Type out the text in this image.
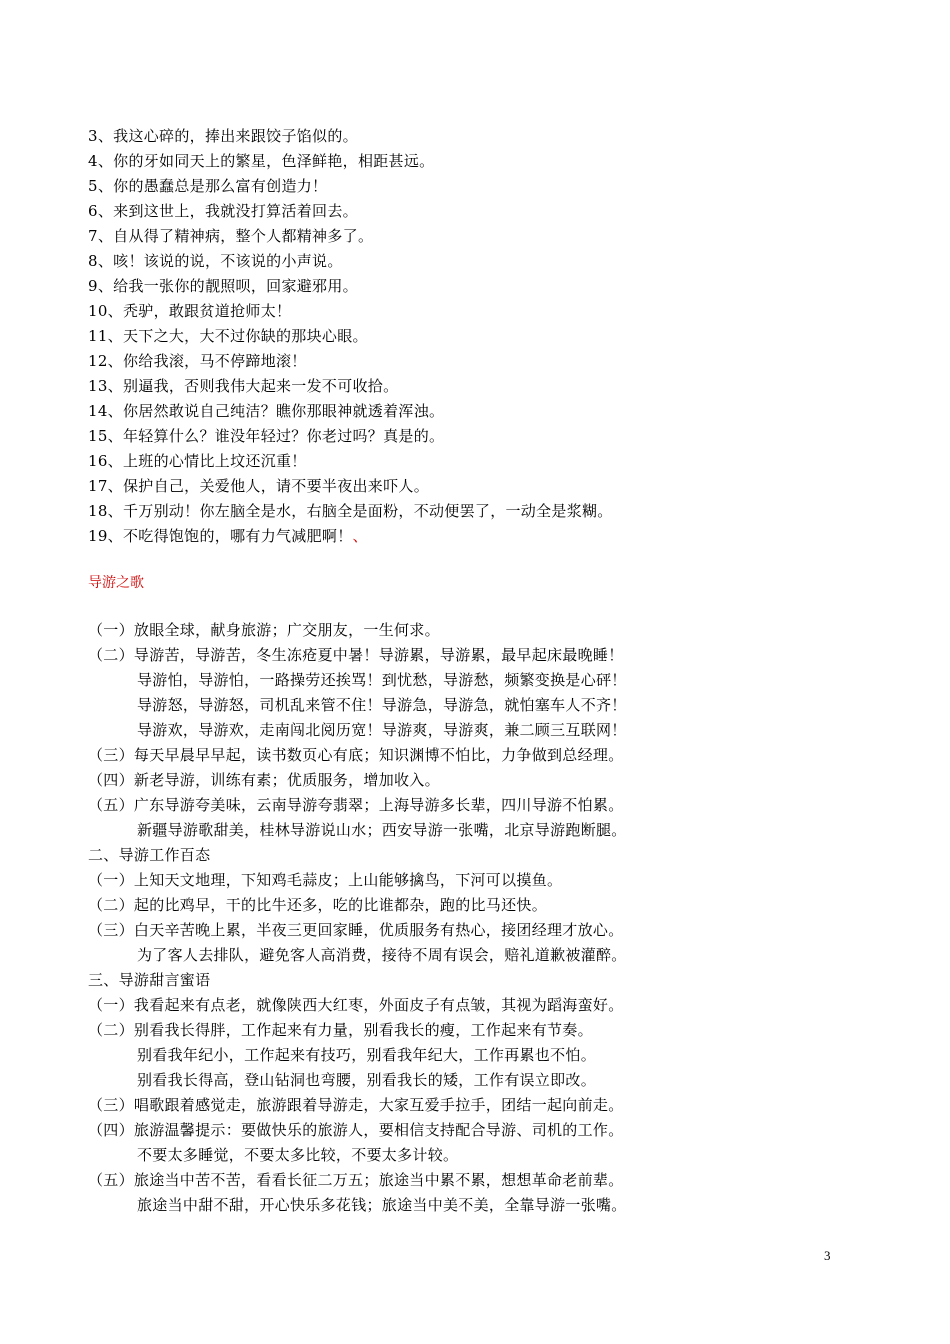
3、我这心碎的，捧出来跟饺子馅似的。
4、你的牙如同天上的繁星，色泽鲜艳，相距甚远。
5、你的愚蠢总是那么富有创造力！
6、来到这世上，我就没打算活着回去。
7、自从得了精神病，整个人都精神多了。
8、咳！该说的说，不该说的小声说。
9、给我一张你的靓照呗，回家避邪用。
10、秃驴，敢跟贫道抢师太！
11、天下之大，大不过你缺的那块心眼。
12、你给我滚，马不停蹄地滚！
13、别逼我，否则我伟大起来一发不可收拾。
14、你居然敢说自己纯洁？瞧你那眼神就透着浑浊。
15、年轻算什么？谁没年轻过？你老过吗？真是的。
16、上班的心情比上坟还沉重！
17、保护自己，关爱他人，请不要半夜出来吓人。
18、千万别动！你左脑全是水，右脑全是面粉，不动便罢了，一动全是浆糊。
19、不吃得饱饱的，哪有力气减肥啊！、
导游之歌
（一）放眼全球，献身旅游；广交朋友，一生何求。
（二）导游苦，导游苦，冬生冻疮夏中暑！导游累，导游累，最早起床最晚睡！
导游怕，导游怕，一路操劳还挨骂！到忧愁，导游愁，频繁变换是心砰！
导游怒，导游怒，司机乱来管不住！导游急，导游急，就怕塞车人不齐！
导游欢，导游欢，走南闯北阅历宽！导游爽，导游爽，兼二顾三互联网！
（三）每天早晨早早起，读书数页心有底；知识渊博不怕比，力争做到总经理。
（四）新老导游，训练有素；优质服务，增加收入。
（五）广东导游夸美味，云南导游夸翡翠；上海导游多长辈，四川导游不怕累。
新疆导游歌甜美，桂林导游说山水；西安导游一张嘴，北京导游跑断腿。
二、导游工作百态
（一）上知天文地理，下知鸡毛蒜皮；上山能够擒鸟，下河可以摸鱼。
（二）起的比鸡早，干的比牛还多，吃的比谁都杂，跑的比马还快。
（三）白天辛苦晚上累，半夜三更回家睡，优质服务有热心，接团经理才放心。
为了客人去排队，避免客人高消费，接待不周有误会，赔礼道歉被灌醉。
三、导游甜言蜜语
（一）我看起来有点老，就像陕西大红枣，外面皮子有点皱，其视为蹈海蛮好。
（二）别看我长得胖，工作起来有力量，别看我长的瘦，工作起来有节奏。
别看我年纪小，工作起来有技巧，别看我年纪大，工作再累也不怕。
别看我长得高，登山钻洞也弯腰，别看我长的矮，工作有误立即改。
（三）唱歌跟着感觉走，旅游跟着导游走，大家互爱手拉手，团结一起向前走。
（四）旅游温馨提示：要做快乐的旅游人，要相信支持配合导游、司机的工作。
不要太多睡觉，不要太多比较，不要太多计较。
（五）旅途当中苦不苦，看看长征二万五；旅途当中累不累，想想革命老前辈。
旅途当中甜不甜，开心快乐多花钱；旅途当中美不美，全靠导游一张嘴。
3
